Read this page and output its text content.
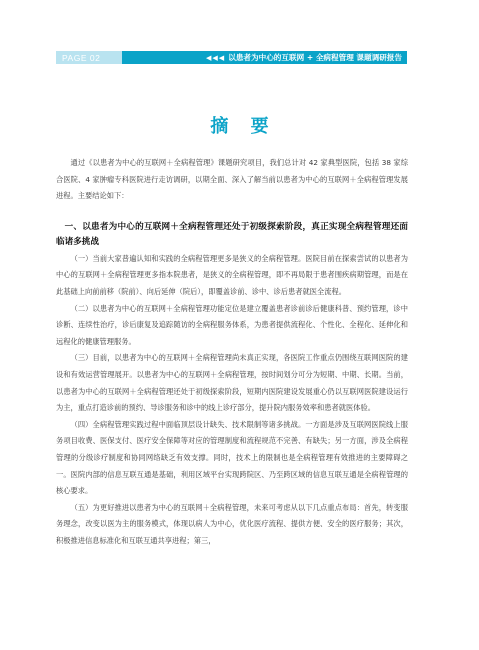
PAGE 02	◀◀◀ 以患者为中心的互联网 + 全病程管理 课题调研报告
摘 要

通过《以患者为中心的互联网＋全病程管理》课题研究项目，我们总计对 42 家典型医院，包括 38 家综合医院、4 家肿瘤专科医院进行走访调研，以期全面、深入了解当前以患者为中心的互联网＋全病程管理发展进程。主要结论如下：

一、以患者为中心的互联网＋全病程管理还处于初级探索阶段，真正实现全病程管理还面临诸多挑战

（一）当前大家普遍认知和实践的全病程管理更多是狭义的全病程管理。医院目前在探索尝试的以患者为中心的互联网＋全病程管理更多指本院患者，是狭义的全病程管理，即不再局限于患者围疾病期管理，而是在此基础上向前前移（院前）、向后延伸（院后），即覆盖诊前、诊中、诊后患者就医全流程。

（二）以患者为中心的互联网＋全病程管理功能定位是建立覆盖患者诊前诊后健康科普、预约管理，诊中诊断、连续性治疗，诊后康复及追踪随访的全病程服务体系，为患者提供流程化、个性化、全程化、延伸化和远程化的健康管理服务。

（三）目前，以患者为中心的互联网＋全病程管理尚未真正实现，各医院工作重点仍围绕互联网医院的建设和有效运营管理展开。以患者为中心的互联网＋全病程管理，按时间划分可分为短期、中期、长期。当前，以患者为中心的互联网＋全病程管理还处于初级探索阶段，短期内医院建设发展重心仍以互联网医院建设运行为主，重点打造诊前的预约、导诊服务和诊中的线上诊疗部分，提升院内服务效率和患者就医体验。

（四）全病程管理实践过程中面临顶层设计缺失、技术限制等诸多挑战。一方面是涉及互联网医院线上服务项目收费、医保支付、医疗安全保障等对应的管理制度和流程规范不完善、有缺失；另一方面，涉及全病程管理的分级诊疗制度和协同网络缺乏有效支撑。同时，技术上的限制也是全病程管理有效推进的主要障碍之一。医院内部的信息互联互通是基础，利用区域平台实现跨院区、乃至跨区域的信息互联互通是全病程管理的核心要求。

（五）为更好推进以患者为中心的互联网＋全病程管理，未来可考虑从以下几点重点布局：首先，转变服务理念，改变以医为主的服务模式，体现以病人为中心，优化医疗流程、提供方便、安全的医疗服务；其次，积极推进信息标准化和互联互通共享进程；第三，
